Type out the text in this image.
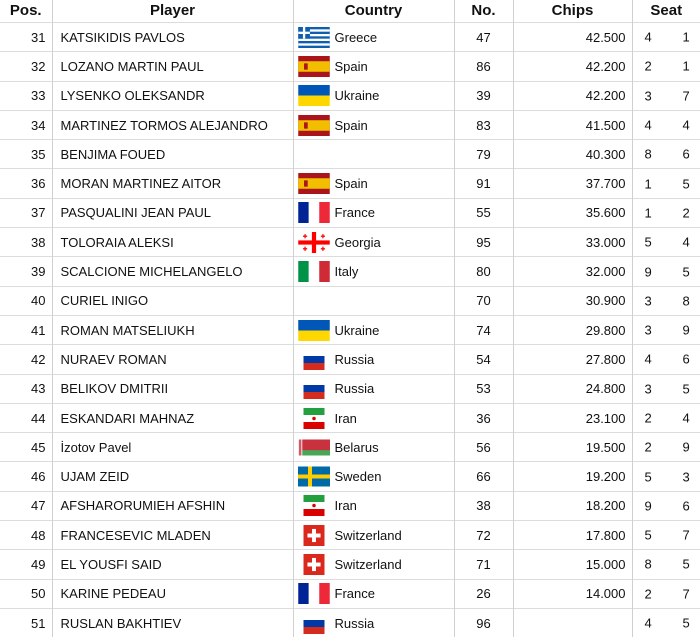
Pos.	Player	Country	No.	Chips	Seat
31	KATSIKIDIS PAVLOS	Greece	47	42.500	4 1

32	LOZANO MARTIN PAUL	Spain	86	42.200	2 1

33	LYSENKO OLEKSANDR	Ukraine	39	42.200	3 7

34	MARTINEZ TORMOS ALEJANDRO	Spain	83	41.500	4 4

35	BENJIMA FOUED		79	40.300	8 6

36	MORAN MARTINEZ AITOR	Spain	91	37.700	1 5

37	PASQUALINI JEAN PAUL	France	55	35.600	1 2

38	TOLORAIA ALEKSI	Georgia	95	33.000	5 4

39	SCALCIONE MICHELANGELO	Italy	80	32.000	9 5

40	CURIEL INIGO		70	30.900	3 8

41	ROMAN MATSELIUKH	Ukraine	74	29.800	3 9

42	NURAEV ROMAN	Russia	54	27.800	4 6

43	BELIKOV DMITRII	Russia	53	24.800	3 5

44	ESKANDARI MAHNAZ	Iran	36	23.100	2 4

45	İzotov Pavel	Belarus	56	19.500	2 9

46	UJAM ZEID	Sweden	66	19.200	5 3

47	AFSHARORUMIEH AFSHIN	Iran	38	18.200	9 6

48	FRANCESEVIC MLADEN	Switzerland	72	17.800	5 7

49	EL YOUSFI SAID	Switzerland	71	15.000	8 5

50	KARINE PEDEAU	France	26	14.000	2 7

51	RUSLAN BAKHTIEV	Russia	96		4 5
